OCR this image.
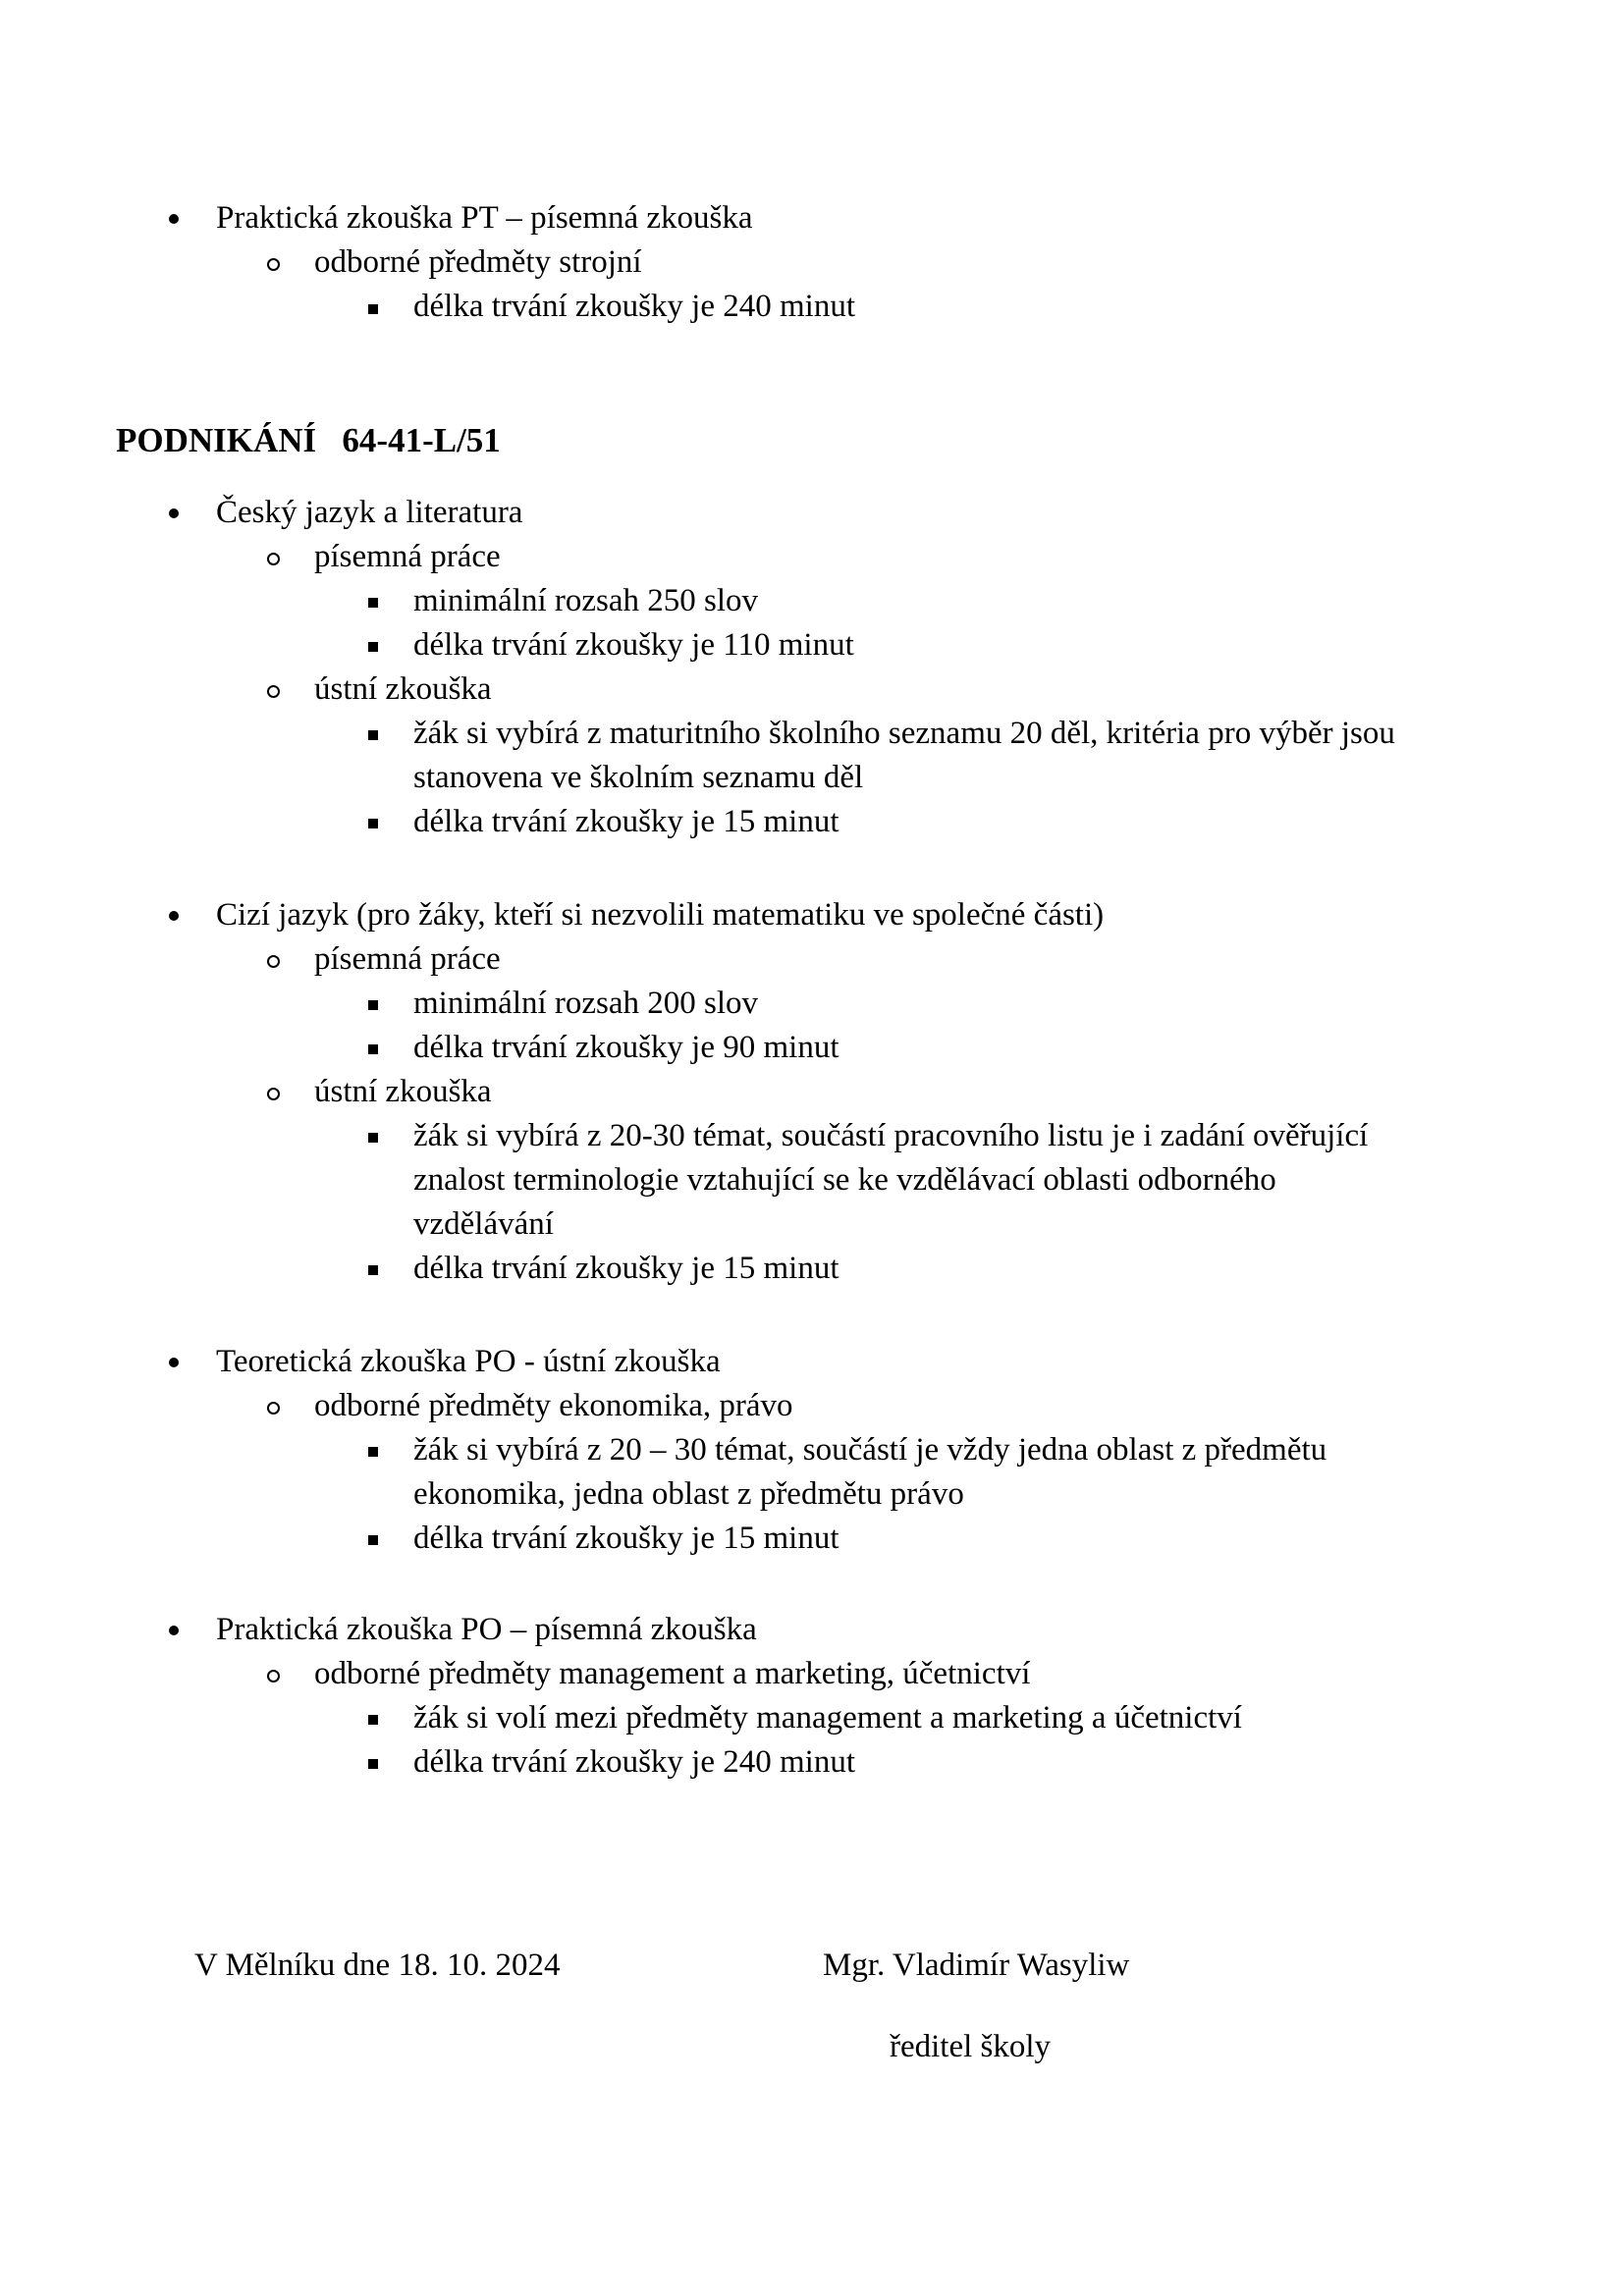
Praktická zkouška PT – písemná zkouška
odborné předměty strojní
délka trvání zkoušky je 240 minut
PODNIKÁNÍ   64-41-L/51
Český jazyk a literatura
písemná práce
minimální rozsah 250 slov
délka trvání zkoušky je 110 minut
ústní zkouška
žák si vybírá z maturitního školního seznamu 20 děl, kritéria pro výběr jsou
stanovena ve školním seznamu děl
délka trvání zkoušky je 15 minut
Cizí jazyk (pro žáky, kteří si nezvolili matematiku ve společné části)
písemná práce
minimální rozsah 200 slov
délka trvání zkoušky je 90 minut
ústní zkouška
žák si vybírá z 20-30 témat, součástí pracovního listu je i zadání ověřující
znalost terminologie vztahující se ke vzdělávací oblasti odborného
vzdělávání
délka trvání zkoušky je 15 minut
Teoretická zkouška PO - ústní zkouška
odborné předměty ekonomika, právo
žák si vybírá z 20 – 30 témat, součástí je vždy jedna oblast z předmětu
ekonomika, jedna oblast z předmětu právo
délka trvání zkoušky je 15 minut
Praktická zkouška PO – písemná zkouška
odborné předměty management a marketing, účetnictví
žák si volí mezi předměty management a marketing a účetnictví
délka trvání zkoušky je 240 minut
V Mělníku dne 18. 10. 2024	Mgr. Vladimír Wasyliw
ředitel školy
